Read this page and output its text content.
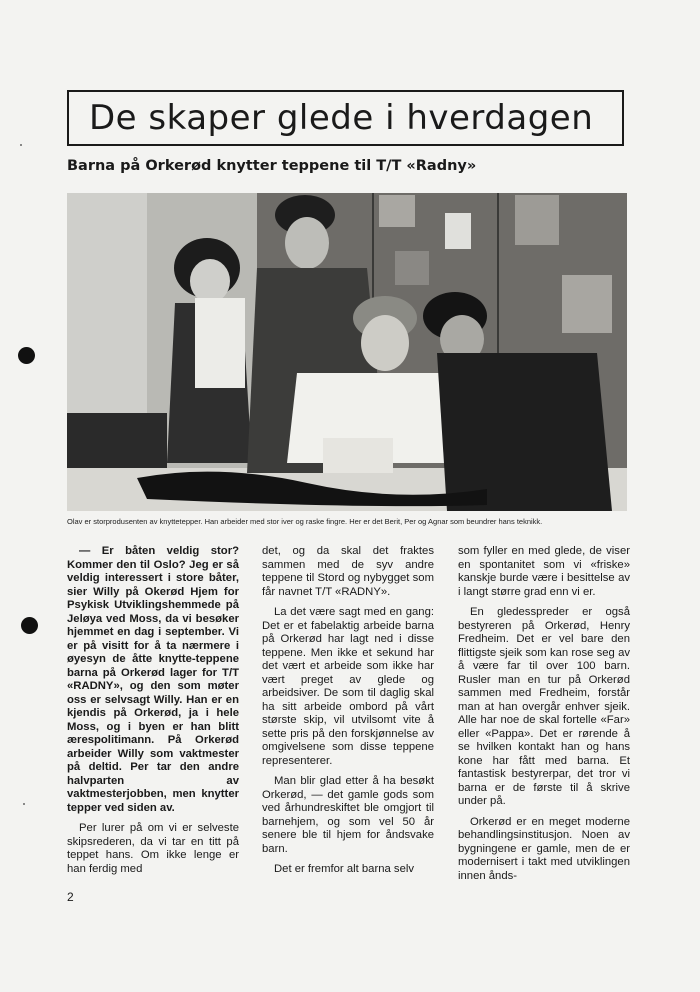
De skaper glede i hverdagen
Barna på Orkerød knytter teppene til T/T «Radny»
Olav er storprodusenten av knyttetepper. Han arbeider med stor iver og raske fingre. Her er det Berit, Per og Agnar som beundrer hans teknikk.

— Er båten veldig stor? Kommer den til Oslo? Jeg er så veldig interessert i store båter, sier Willy på Okerød Hjem for Psykisk Utviklingshemmede på Jeløya ved Moss, da vi besøker hjemmet en dag i september. Vi er på visitt for å ta nærmere i øyesyn de åtte knytte-teppene barna på Orkerød lager for T/T «RADNY», og den som møter oss er selvsagt Willy. Han er en kjendis på Orkerød, ja i hele Moss, og i byen er han blitt ærespolitimann. På Orkerød arbeider Willy som vaktmester på deltid. Per tar den andre halvparten av vaktmesterjobben, men knytter tepper ved siden av.

Per lurer på om vi er selveste skipsrederen, da vi tar en titt på teppet hans. Om ikke lenge er han ferdig med

det, og da skal det fraktes sammen med de syv andre teppene til Stord og nybygget som får navnet T/T «RADNY».

La det være sagt med en gang: Det er et fabelaktig arbeide barna på Orkerød har lagt ned i disse teppene. Men ikke et sekund har det vært et arbeide som ikke har vært preget av glede og arbeidsiver. De som til daglig skal ha sitt arbeide ombord på vårt største skip, vil utvilsomt vite å sette pris på den forskjønnelse av omgivelsene som disse teppene representerer.

Man blir glad etter å ha besøkt Orkerød, — det gamle gods som ved århundreskiftet ble omgjort til barnehjem, og som vel 50 år senere ble til hjem for åndsvake barn.

Det er fremfor alt barna selv

som fyller en med glede, de viser en spontanitet som vi «friske» kanskje burde være i besittelse av i langt større grad enn vi er.

En gledesspreder er også bestyreren på Orkerød, Henry Fredheim. Det er vel bare den flittigste sjeik som kan rose seg av å være far til over 100 barn. Rusler man en tur på Orkerød sammen med Fredheim, forstår man at han overgår enhver sjeik. Alle har noe de skal fortelle «Far» eller «Pappa». Det er rørende å se hvilken kontakt han og hans kone har fått med barna. Et fantastisk bestyrerpar, det tror vi barna er de første til å skrive under på.

Orkerød er en meget moderne behandlingsinstitusjon. Noen av bygningene er gamle, men de er modernisert i takt med utviklingen innen ånds-

2
